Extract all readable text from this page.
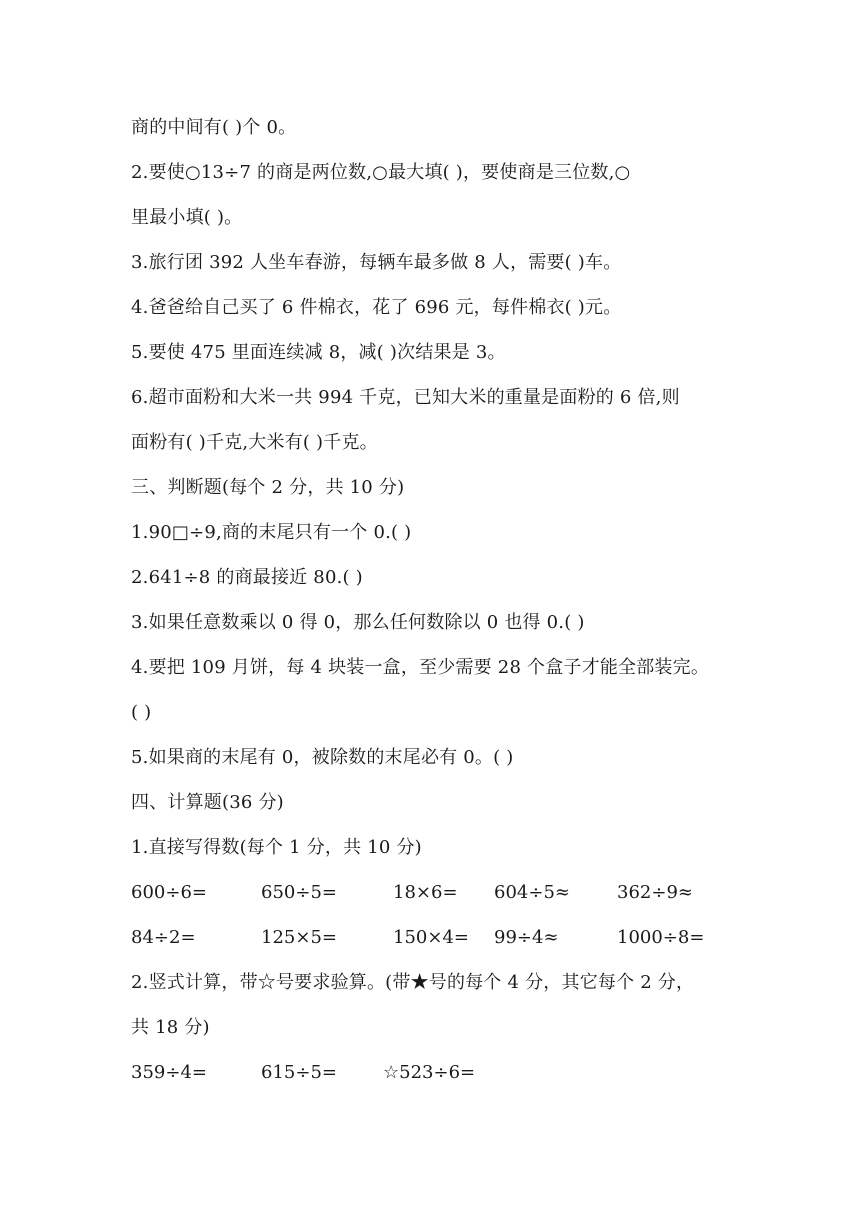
商的中间有( )个 0。
2.要使○13÷7 的商是两位数,○最大填( )，要使商是三位数,○
里最小填( )。
3.旅行团 392 人坐车春游，每辆车最多做 8 人，需要( )车。
4.爸爸给自己买了 6 件棉衣，花了 696 元，每件棉衣( )元。
5.要使 475 里面连续减 8，减( )次结果是 3。
6.超市面粉和大米一共 994 千克，已知大米的重量是面粉的 6 倍,则
面粉有( )千克,大米有( )千克。
三、判断题(每个 2 分，共 10 分)
1.90□÷9,商的末尾只有一个 0.( )
2.641÷8 的商最接近 80.( )
3.如果任意数乘以 0 得 0，那么任何数除以 0 也得 0.( )
4.要把 109 月饼，每 4 块装一盒，至少需要 28 个盒子才能全部装完。
( )
5.如果商的末尾有 0，被除数的末尾必有 0。( )
四、计算题(36 分)
1.直接写得数(每个 1 分，共 10 分)
600÷6=	650÷5=	18×6= 604÷5≈	362÷9≈
84÷2=	125×5=	150×4= 99÷4≈	1000÷8=
2.竖式计算，带☆号要求验算。(带★号的每个 4 分，其它每个 2 分，
共 18 分)
359÷4=	615÷5=	☆523÷6=
